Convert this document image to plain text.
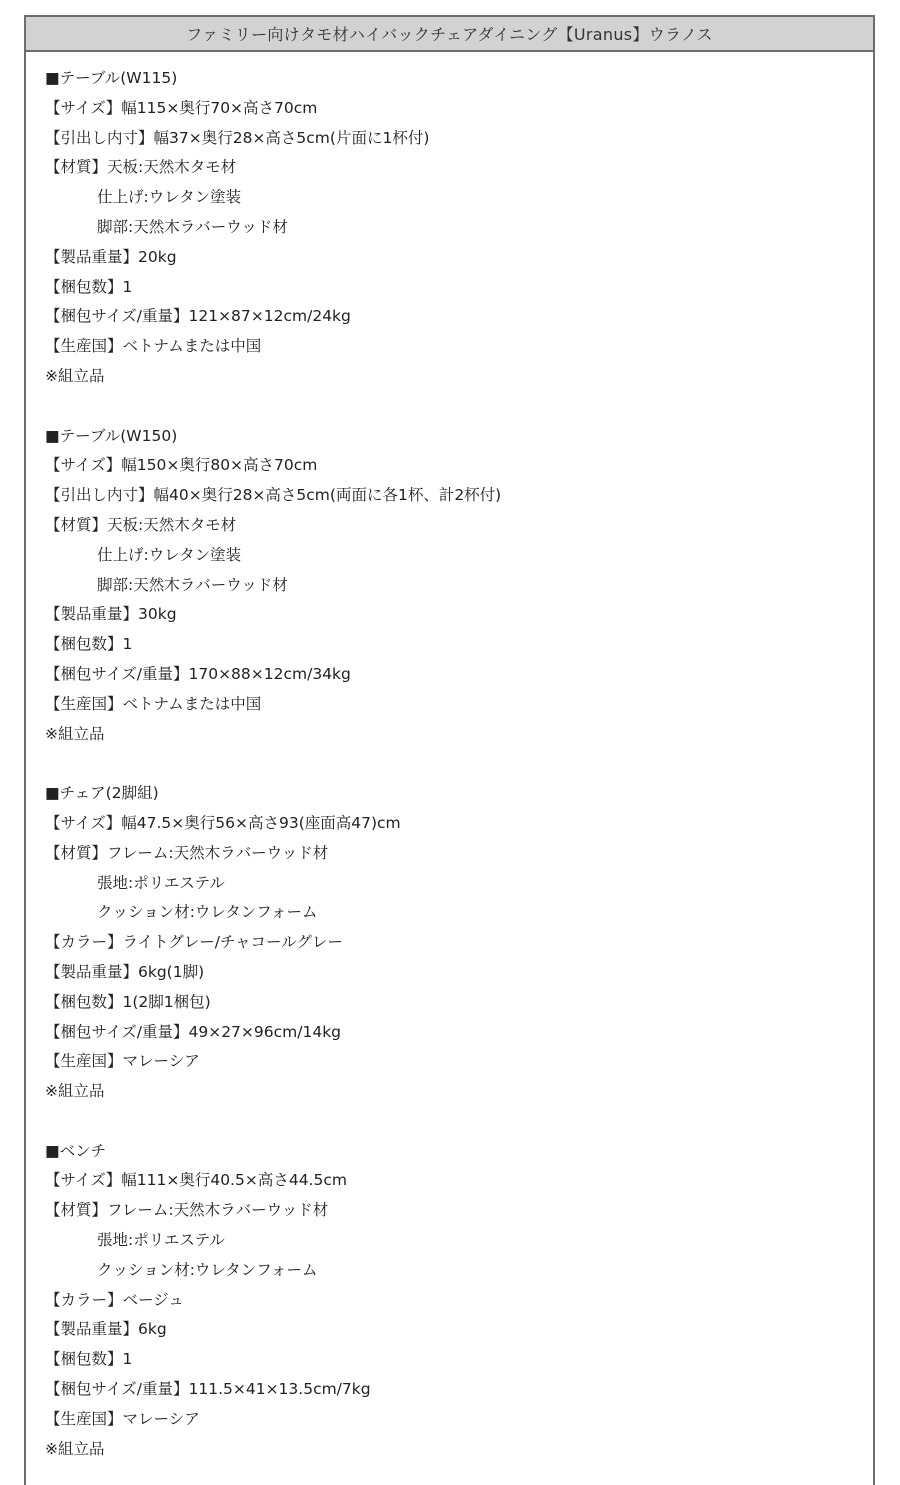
ファミリー向けタモ材ハイバックチェアダイニング【Uranus】ウラノス
■テーブル(W115)
【サイズ】幅115×奥行70×高さ70cm
【引出し内寸】幅37×奥行28×高さ5cm(片面に1杯付)
【材質】天板:天然木タモ材
仕上げ:ウレタン塗装
脚部:天然木ラバーウッド材
【製品重量】20kg
【梱包数】1
【梱包サイズ/重量】121×87×12cm/24kg
【生産国】ベトナムまたは中国
※組立品
■テーブル(W150)
【サイズ】幅150×奥行80×高さ70cm
【引出し内寸】幅40×奥行28×高さ5cm(両面に各1杯、計2杯付)
【材質】天板:天然木タモ材
仕上げ:ウレタン塗装
脚部:天然木ラバーウッド材
【製品重量】30kg
【梱包数】1
【梱包サイズ/重量】170×88×12cm/34kg
【生産国】ベトナムまたは中国
※組立品
■チェア(2脚組)
【サイズ】幅47.5×奥行56×高さ93(座面高47)cm
【材質】フレーム:天然木ラバーウッド材
張地:ポリエステル
クッション材:ウレタンフォーム
【カラー】ライトグレー/チャコールグレー
【製品重量】6kg(1脚)
【梱包数】1(2脚1梱包)
【梱包サイズ/重量】49×27×96cm/14kg
【生産国】マレーシア
※組立品
■ベンチ
【サイズ】幅111×奥行40.5×高さ44.5cm
【材質】フレーム:天然木ラバーウッド材
張地:ポリエステル
クッション材:ウレタンフォーム
【カラー】ベージュ
【製品重量】6kg
【梱包数】1
【梱包サイズ/重量】111.5×41×13.5cm/7kg
【生産国】マレーシア
※組立品
